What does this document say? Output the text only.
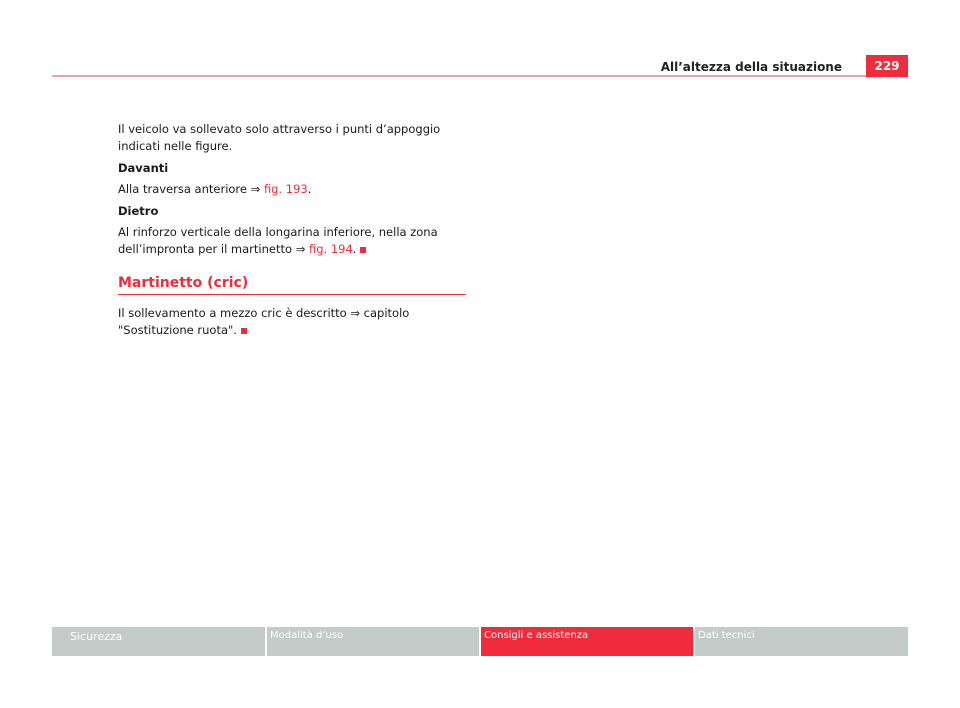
All’altezza della situazione	229

Il veicolo va sollevato solo attraverso i punti d’appoggio indicati nelle figure.

Davanti

Alla traversa anteriore ⇒ fig. 193.

Dietro

Al rinforzo verticale della longarina inferiore, nella zona dell’impronta per il martinetto ⇒ fig. 194.

Martinetto (cric)

Il sollevamento a mezzo cric è descritto ⇒ capitolo "Sostituzione ruota".

Sicurezza	Modalità d’uso	Consigli e assistenza	Dati tecnici
